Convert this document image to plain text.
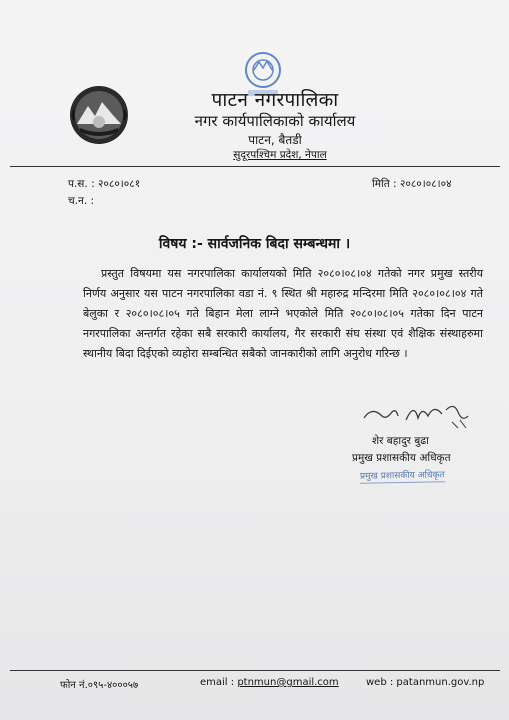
पाटन नगरपालिका
नगर कार्यपालिकाको कार्यालय
पाटन, बैतडी
सुदूरपश्चिम प्रदेश, नेपाल
प.स. : २०८०।०८१
च.न. :
मिति : २०८०।०८।०४
विषय :- सार्वजनिक बिदा सम्बन्धमा ।
प्रस्तुत विषयमा यस नगरपालिका कार्यालयको मिति २०८०।०८।०४ गतेको नगर प्रमुख स्तरीय निर्णय अनुसार यस पाटन नगरपालिका वडा नं. ९ स्थित श्री महारुद्र मन्दिरमा मिति २०८०।०८।०४ गते बेलुका र २०८०।०८।०५ गते बिहान मेला लाग्ने भएकोले मिति २०८०।०८।०५ गतेका दिन पाटन नगरपालिका अन्तर्गत रहेका सबै सरकारी कार्यालय, गैर सरकारी संघ संस्था एवं शैक्षिक संस्थाहरुमा स्थानीय बिदा दिईएको व्यहोरा सम्बन्धित सबैको जानकारीको लागि अनुरोध गरिन्छ ।
शेर बहादुर बुढा
प्रमुख प्रशासकीय अधिकृत
प्रमुख प्रशासकीय अधिकृत
फोन नं.०९५-४०००५७	email : ptnmun@gmail.com	web : patanmun.gov.np
